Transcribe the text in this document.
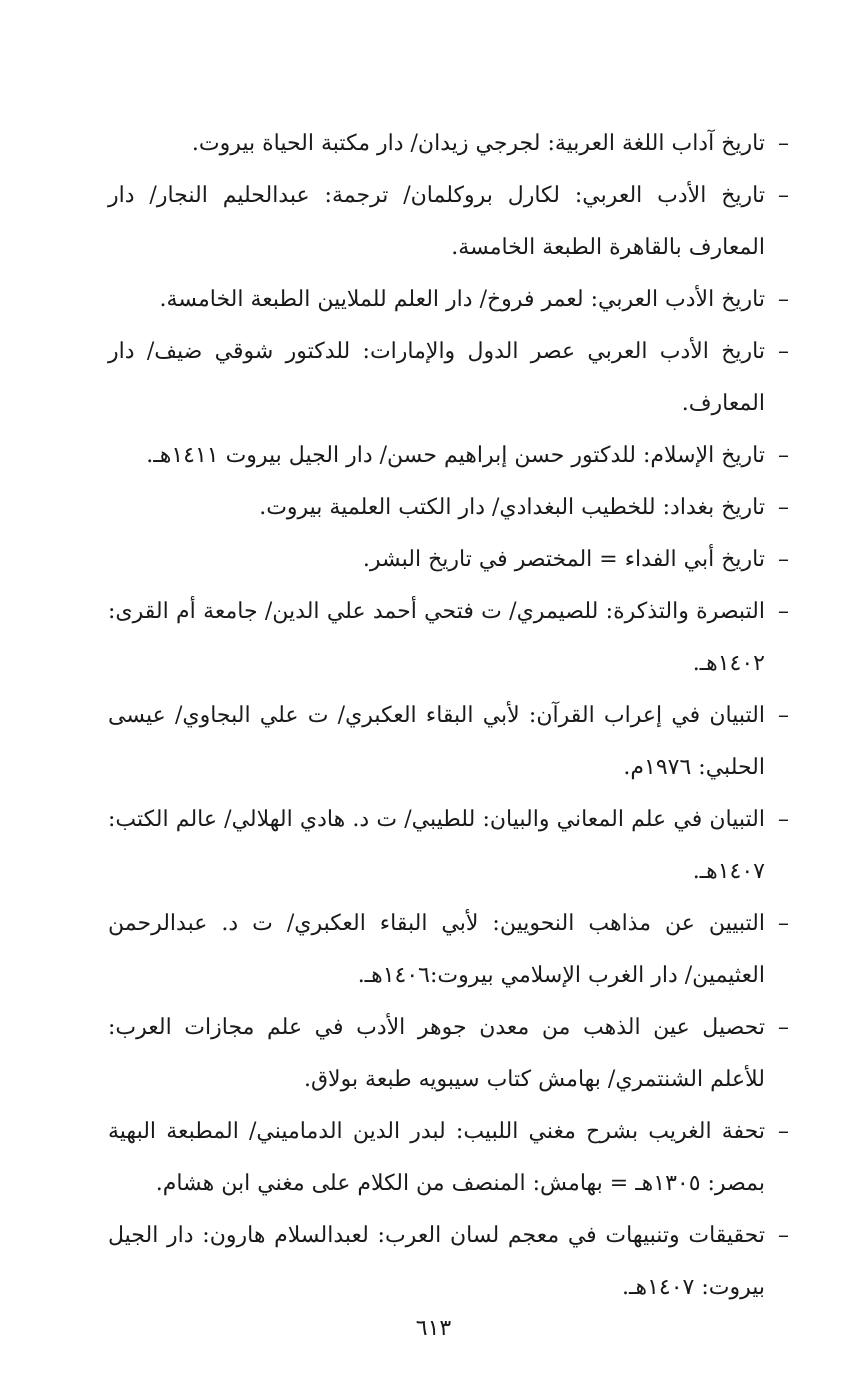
–
تاريخ آداب اللغة العربية: لجرجي زيدان/ دار مكتبة الحياة بيروت.
–
تاريخ الأدب العربي: لكارل بروكلمان/ ترجمة: عبدالحليم النجار/ دار المعارف بالقاهرة الطبعة الخامسة.
–
تاريخ الأدب العربي: لعمر فروخ/ دار العلم للملايين الطبعة الخامسة.
–
تاريخ الأدب العربي عصر الدول والإمارات: للدكتور شوقي ضيف/ دار المعارف.
–
تاريخ الإسلام: للدكتور حسن إبراهيم حسن/ دار الجيل بيروت ١٤١١هـ.
–
تاريخ بغداد: للخطيب البغدادي/ دار الكتب العلمية بيروت.
–
تاريخ أبي الفداء = المختصر في تاريخ البشر.
–
التبصرة والتذكرة: للصيمري/ ت فتحي أحمد علي الدين/ جامعة أم القرى: ١٤٠٢هـ.
–
التبيان في إعراب القرآن: لأبي البقاء العكبري/ ت علي البجاوي/ عيسى الحلبي: ١٩٧٦م.
–
التبيان في علم المعاني والبيان: للطيبي/ ت د. هادي الهلالي/ عالم الكتب: ١٤٠٧هـ.
–
التبيين عن مذاهب النحويين: لأبي البقاء العكبري/ ت د. عبدالرحمن العثيمين/ دار الغرب الإسلامي بيروت:١٤٠٦هـ.
–
تحصيل عين الذهب من معدن جوهر الأدب في علم مجازات العرب: للأعلم الشنتمري/ بهامش كتاب سيبويه طبعة بولاق.
–
تحفة الغريب بشرح مغني اللبيب: لبدر الدين الدماميني/ المطبعة البهية بمصر: ١٣٠٥هـ = بهامش: المنصف من الكلام على مغني ابن هشام.
–
تحقيقات وتنبيهات في معجم لسان العرب: لعبدالسلام هارون: دار الجيل بيروت: ١٤٠٧هـ.
٦١٣
